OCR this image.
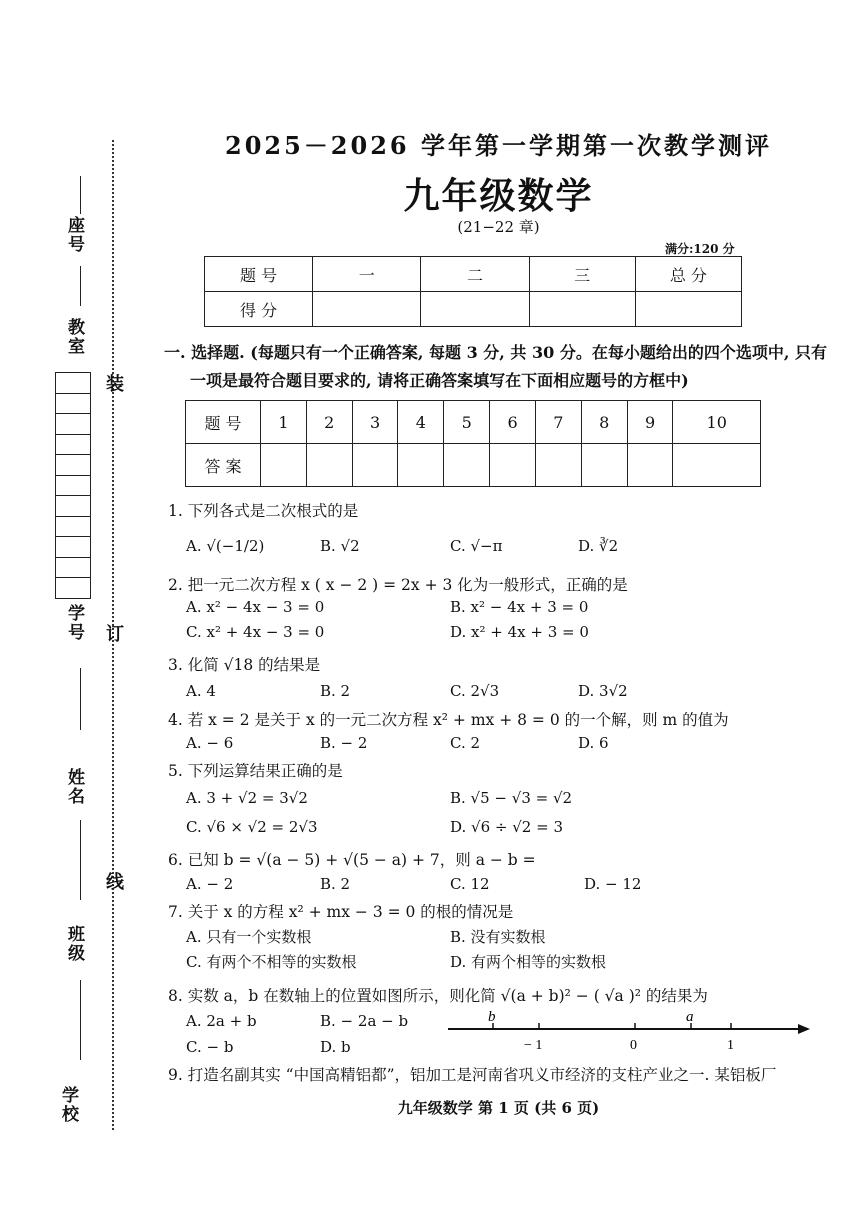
座号
教室
学号
姓名
班级
学校
装
订
线
2025－2026 学年第一学期第一次教学测评
九年级数学
(21−22 章)
满分:120 分
题 号	一	二	三	总 分
得 分				
一. 选择题. (每题只有一个正确答案, 每题 3 分, 共 30 分。在每小题给出的四个选项中, 只有
一项是最符合题目要求的, 请将正确答案填写在下面相应题号的方框中)
题 号	1	2	3	4	5	6	7	8	9	10
答 案										
1. 下列各式是二次根式的是
A. √(−1/2)	B. √2	C. √−π	D. ∛2
2. 把一元二次方程 x ( x − 2 ) = 2x + 3 化为一般形式，正确的是
A. x² − 4x − 3 = 0	B. x² − 4x + 3 = 0
C. x² + 4x − 3 = 0	D. x² + 4x + 3 = 0
3. 化简 √18 的结果是
A. 4	B. 2	C. 2√3	D. 3√2
4. 若 x = 2 是关于 x 的一元二次方程 x² + mx + 8 = 0 的一个解，则 m 的值为
A. − 6	B. − 2	C. 2	D. 6
5. 下列运算结果正确的是
A. 3 + √2 = 3√2	B. √5 − √3 = √2
C. √6 × √2 = 2√3	D. √6 ÷ √2 = 3
6. 已知 b = √(a − 5) + √(5 − a) + 7，则 a − b =
A. − 2	B. 2	C. 12	D. − 12
7. 关于 x 的方程 x² + mx − 3 = 0 的根的情况是
A. 只有一个实数根	B. 没有实数根
C. 有两个不相等的实数根	D. 有两个相等的实数根
8. 实数 a，b 在数轴上的位置如图所示，则化简 √(a + b)² − ( √a )² 的结果为
A. 2a + b	B. − 2a − b
C. − b	D. b
b	a
− 1	0	1
9. 打造名副其实 “中国高精铝都”，铝加工是河南省巩义市经济的支柱产业之一. 某铝板厂
九年级数学 第 1 页 (共 6 页)
